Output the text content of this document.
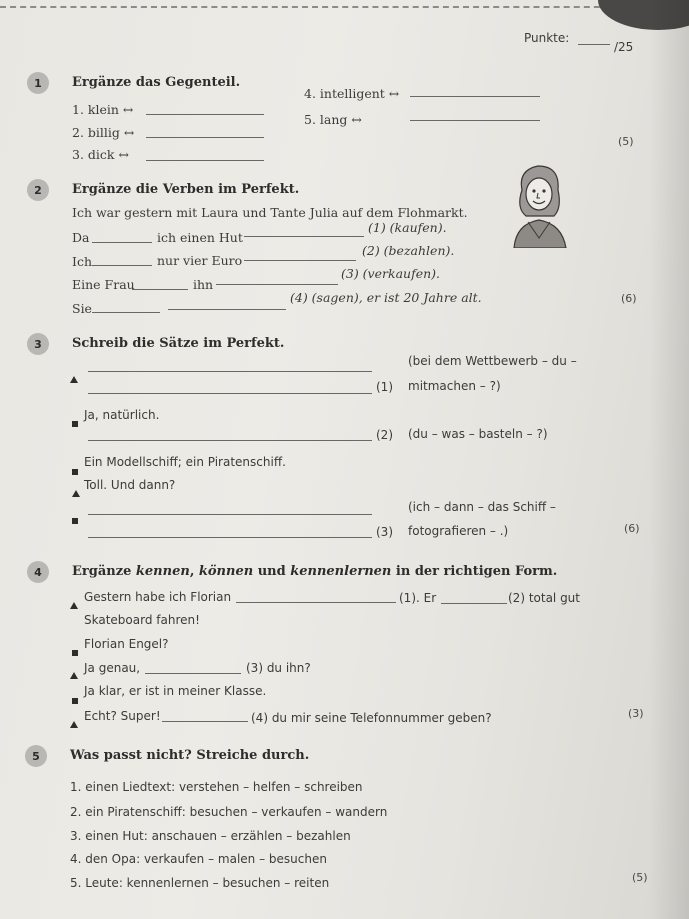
Punkte:
/25
1	Ergänze das Gegenteil.
1. klein ↔
2. billig ↔
3. dick ↔
4. intelligent ↔
5. lang ↔
(5)
2	Ergänze die Verben im Perfekt.
Ich war gestern mit Laura und Tante Julia auf dem Flohmarkt.
Da	ich einen Hut
(1) (kaufen).
Ich	nur vier Euro
(2) (bezahlen).
Eine Frau	ihn
(3) (verkaufen).
Sie
(4) (sagen), er ist 20 Jahre alt.	(6)
3	Schreib die Sätze im Perfekt.
(bei dem Wettbewerb – du –
(1) mitmachen – ?)
Ja, natürlich.
(2) (du – was – basteln – ?)
Ein Modellschiff; ein Piratenschiff.
Toll. Und dann?
(ich – dann – das Schiff –
(3) fotografieren – .)	(6)
4	Ergänze kennen, können und kennenlernen in der richtigen Form.
Gestern habe ich Florian	(1). Er	(2) total gut
Skateboard fahren!
Florian Engel?
Ja genau,	(3) du ihn?
Ja klar, er ist in meiner Klasse.
Echt? Super!	(4) du mir seine Telefonnummer geben?	(3)
5	Was passt nicht? Streiche durch.
1. einen Liedtext: verstehen – helfen – schreiben
2. ein Piratenschiff: besuchen – verkaufen – wandern
3. einen Hut: anschauen – erzählen – bezahlen
4. den Opa: verkaufen – malen – besuchen
5. Leute: kennenlernen – besuchen – reiten	(5)
